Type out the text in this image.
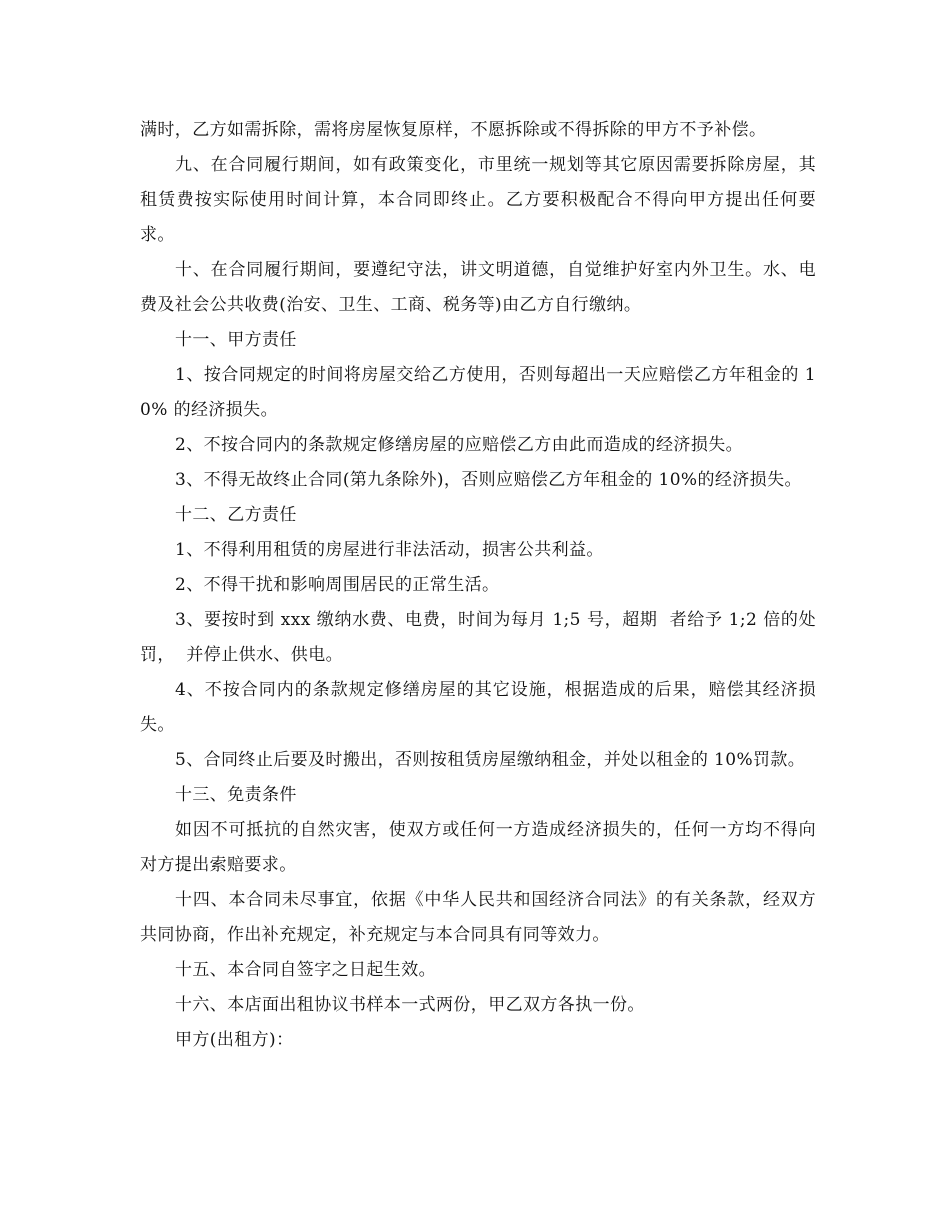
满时，乙方如需拆除，需将房屋恢复原样，不愿拆除或不得拆除的甲方不予补偿。

九、在合同履行期间，如有政策变化，市里统一规划等其它原因需要拆除房屋，其租赁费按实际使用时间计算，本合同即终止。乙方要积极配合不得向甲方提出任何要求。

十、在合同履行期间，要遵纪守法，讲文明道德，自觉维护好室内外卫生。水、电费及社会公共收费(治安、卫生、工商、税务等)由乙方自行缴纳。

十一、甲方责任

1、按合同规定的时间将房屋交给乙方使用，否则每超出一天应赔偿乙方年租金的 10% 的经济损失。

2、不按合同内的条款规定修缮房屋的应赔偿乙方由此而造成的经济损失。

3、不得无故终止合同(第九条除外)，否则应赔偿乙方年租金的 10%的经济损失。

十二、乙方责任

1、不得利用租赁的房屋进行非法活动，损害公共利益。

2、不得干扰和影响周围居民的正常生活。

3、要按时到 xxx 缴纳水费、电费，时间为每月 1;5 号，超期  者给予 1;2 倍的处罚，  并停止供水、供电。

4、不按合同内的条款规定修缮房屋的其它设施，根据造成的后果，赔偿其经济损失。

5、合同终止后要及时搬出，否则按租赁房屋缴纳租金，并处以租金的 10%罚款。

十三、免责条件

如因不可抵抗的自然灾害，使双方或任何一方造成经济损失的，任何一方均不得向对方提出索赔要求。

十四、本合同未尽事宜，依据《中华人民共和国经济合同法》的有关条款，经双方共同协商，作出补充规定，补充规定与本合同具有同等效力。

十五、本合同自签字之日起生效。

十六、本店面出租协议书样本一式两份，甲乙双方各执一份。

甲方(出租方)：
